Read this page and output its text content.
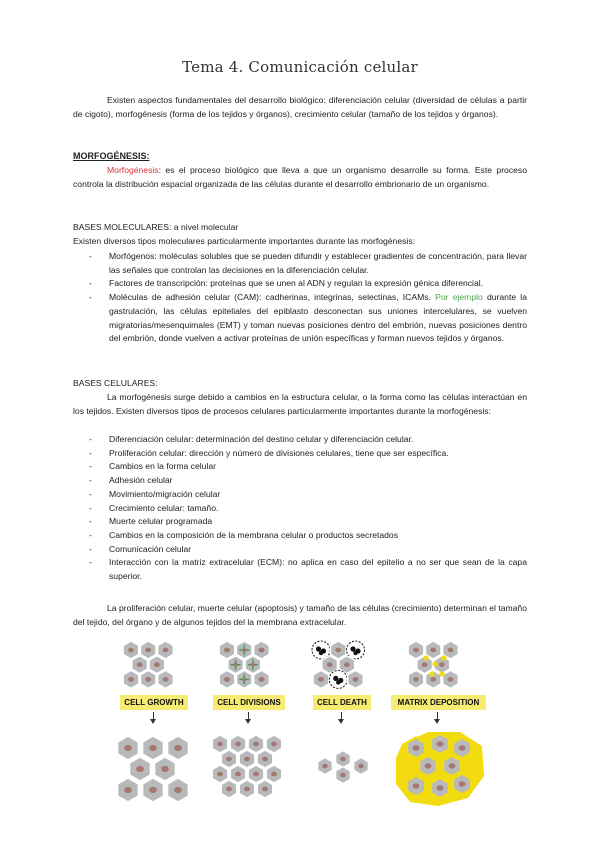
Tema 4. Comunicación celular
Existen aspectos fundamentales del desarrollo biológico: diferenciación celular (diversidad de células a partir de cigoto), morfogénesis (forma de los tejidos y órganos), crecimiento celular (tamaño de los tejidos y órganos).
MORFOGÉNESIS:
Morfogénesis: es el proceso biológico que lleva a que un organismo desarrolle su forma. Este proceso controla la distribución espacial organizada de las células durante el desarrollo embrionario de un organismo.
BASES MOLECULARES: a nivel molecular
Existen diversos tipos moleculares particularmente importantes durante las morfogénesis:
- Morfógenos: moléculas solubles que se pueden difundir y establecer gradientes de concentración, para llevar las señales que controlan las decisiones en la diferenciación celular.
- Factores de transcripción: proteínas que se unen al ADN y regulan la expresión génica diferencial.
- Moléculas de adhesión celular (CAM): cadherinas, integrinas, selectinas, ICAMs. Por ejemplo durante la gastrulación, las células epiteliales del epiblasto desconectan sus uniones intercelulares, se vuelven migratorias/mesenquimales (EMT) y toman nuevas posiciones dentro del embrión, nuevas posiciones dentro del embrión, donde vuelven a activar proteínas de unión específicas y forman nuevos tejidos y órganos.
BASES CELULARES:
La morfogénesis surge debido a cambios en la estructura celular, o la forma como las células interactúan en los tejidos. Existen diversos tipos de procesos celulares particularmente importantes durante la morfogénesis:
- Diferenciación celular: determinación del destino celular y diferenciación celular.
- Proliferación celular: dirección y número de divisiones celulares, tiene que ser específica.
- Cambios en la forma celular
- Adhesión celular
- Movimiento/migración celular
- Crecimiento celular: tamaño.
- Muerte celular programada
- Cambios en la composición de la membrana celular o productos secretados
- Comunicación celular
- Interacción con la matriz extracelular (ECM): no aplica en caso del epitelio a no ser que sean de la capa superior.
La proliferación celular, muerte celular (apoptosis) y tamaño de las células (crecimiento) determinan el tamaño del tejido, del órgano y de algunos tejidos del la membrana extracelular.
CELL GROWTH	CELL DIVISIONS	CELL DEATH	MATRIX DEPOSITION
